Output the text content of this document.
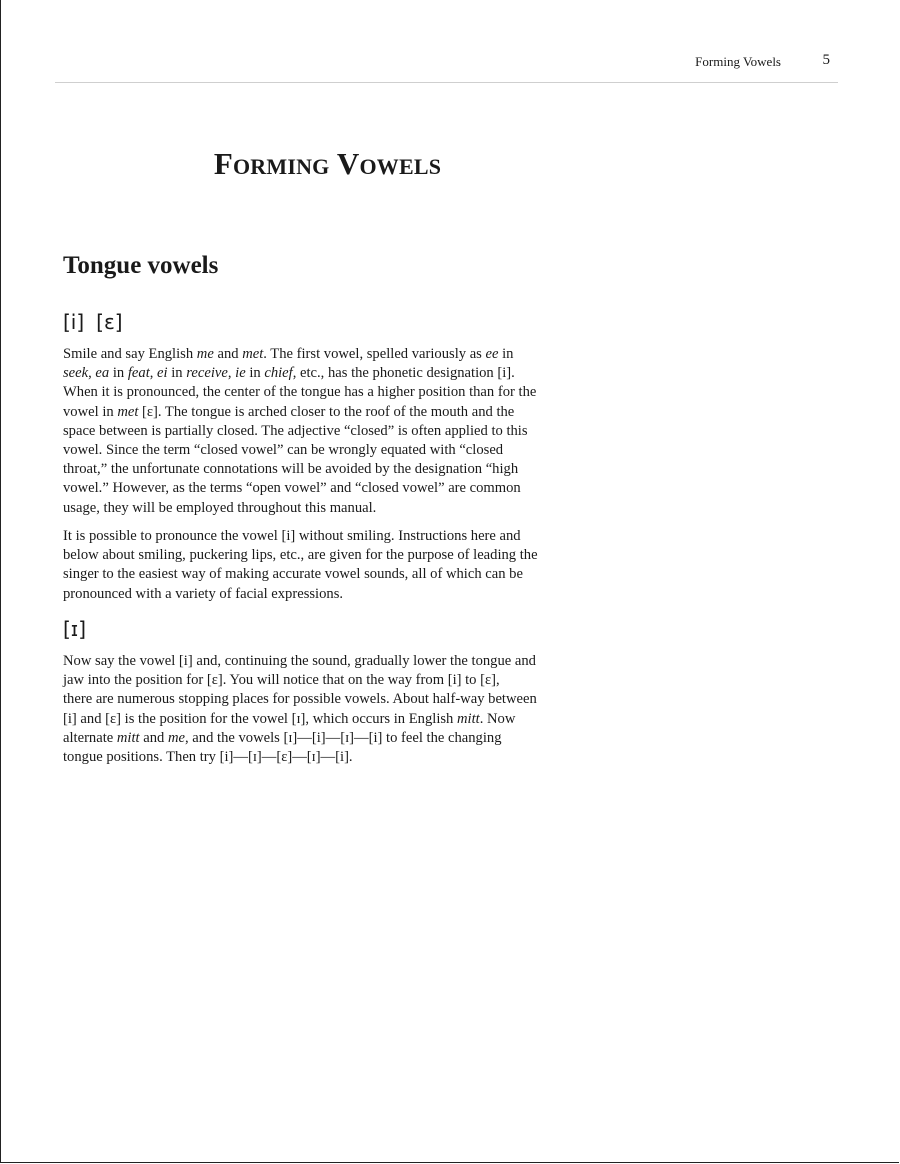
Forming Vowels	5
FORMING VOWELS
Tongue vowels
[i] [ɛ]
Smile and say English me and met. The first vowel, spelled variously as ee in
seek, ea in feat, ei in receive, ie in chief, etc., has the phonetic designation [i].
When it is pronounced, the center of the tongue has a higher position than for the
vowel in met [ɛ]. The tongue is arched closer to the roof of the mouth and the
space between is partially closed. The adjective “closed” is often applied to this
vowel. Since the term “closed vowel” can be wrongly equated with “closed
throat,” the unfortunate connotations will be avoided by the designation “high
vowel.” However, as the terms “open vowel” and “closed vowel” are common
usage, they will be employed throughout this manual.
It is possible to pronounce the vowel [i] without smiling. Instructions here and
below about smiling, puckering lips, etc., are given for the purpose of leading the
singer to the easiest way of making accurate vowel sounds, all of which can be
pronounced with a variety of facial expressions.
[ɪ]
Now say the vowel [i] and, continuing the sound, gradually lower the tongue and
jaw into the position for [ɛ]. You will notice that on the way from [i] to [ɛ],
there are numerous stopping places for possible vowels. About half-way between
[i] and [ɛ] is the position for the vowel [ɪ], which occurs in English mitt. Now
alternate mitt and me, and the vowels [ɪ]—[i]—[ɪ]—[i] to feel the changing
tongue positions. Then try [i]—[ɪ]—[ɛ]—[ɪ]—[i].
